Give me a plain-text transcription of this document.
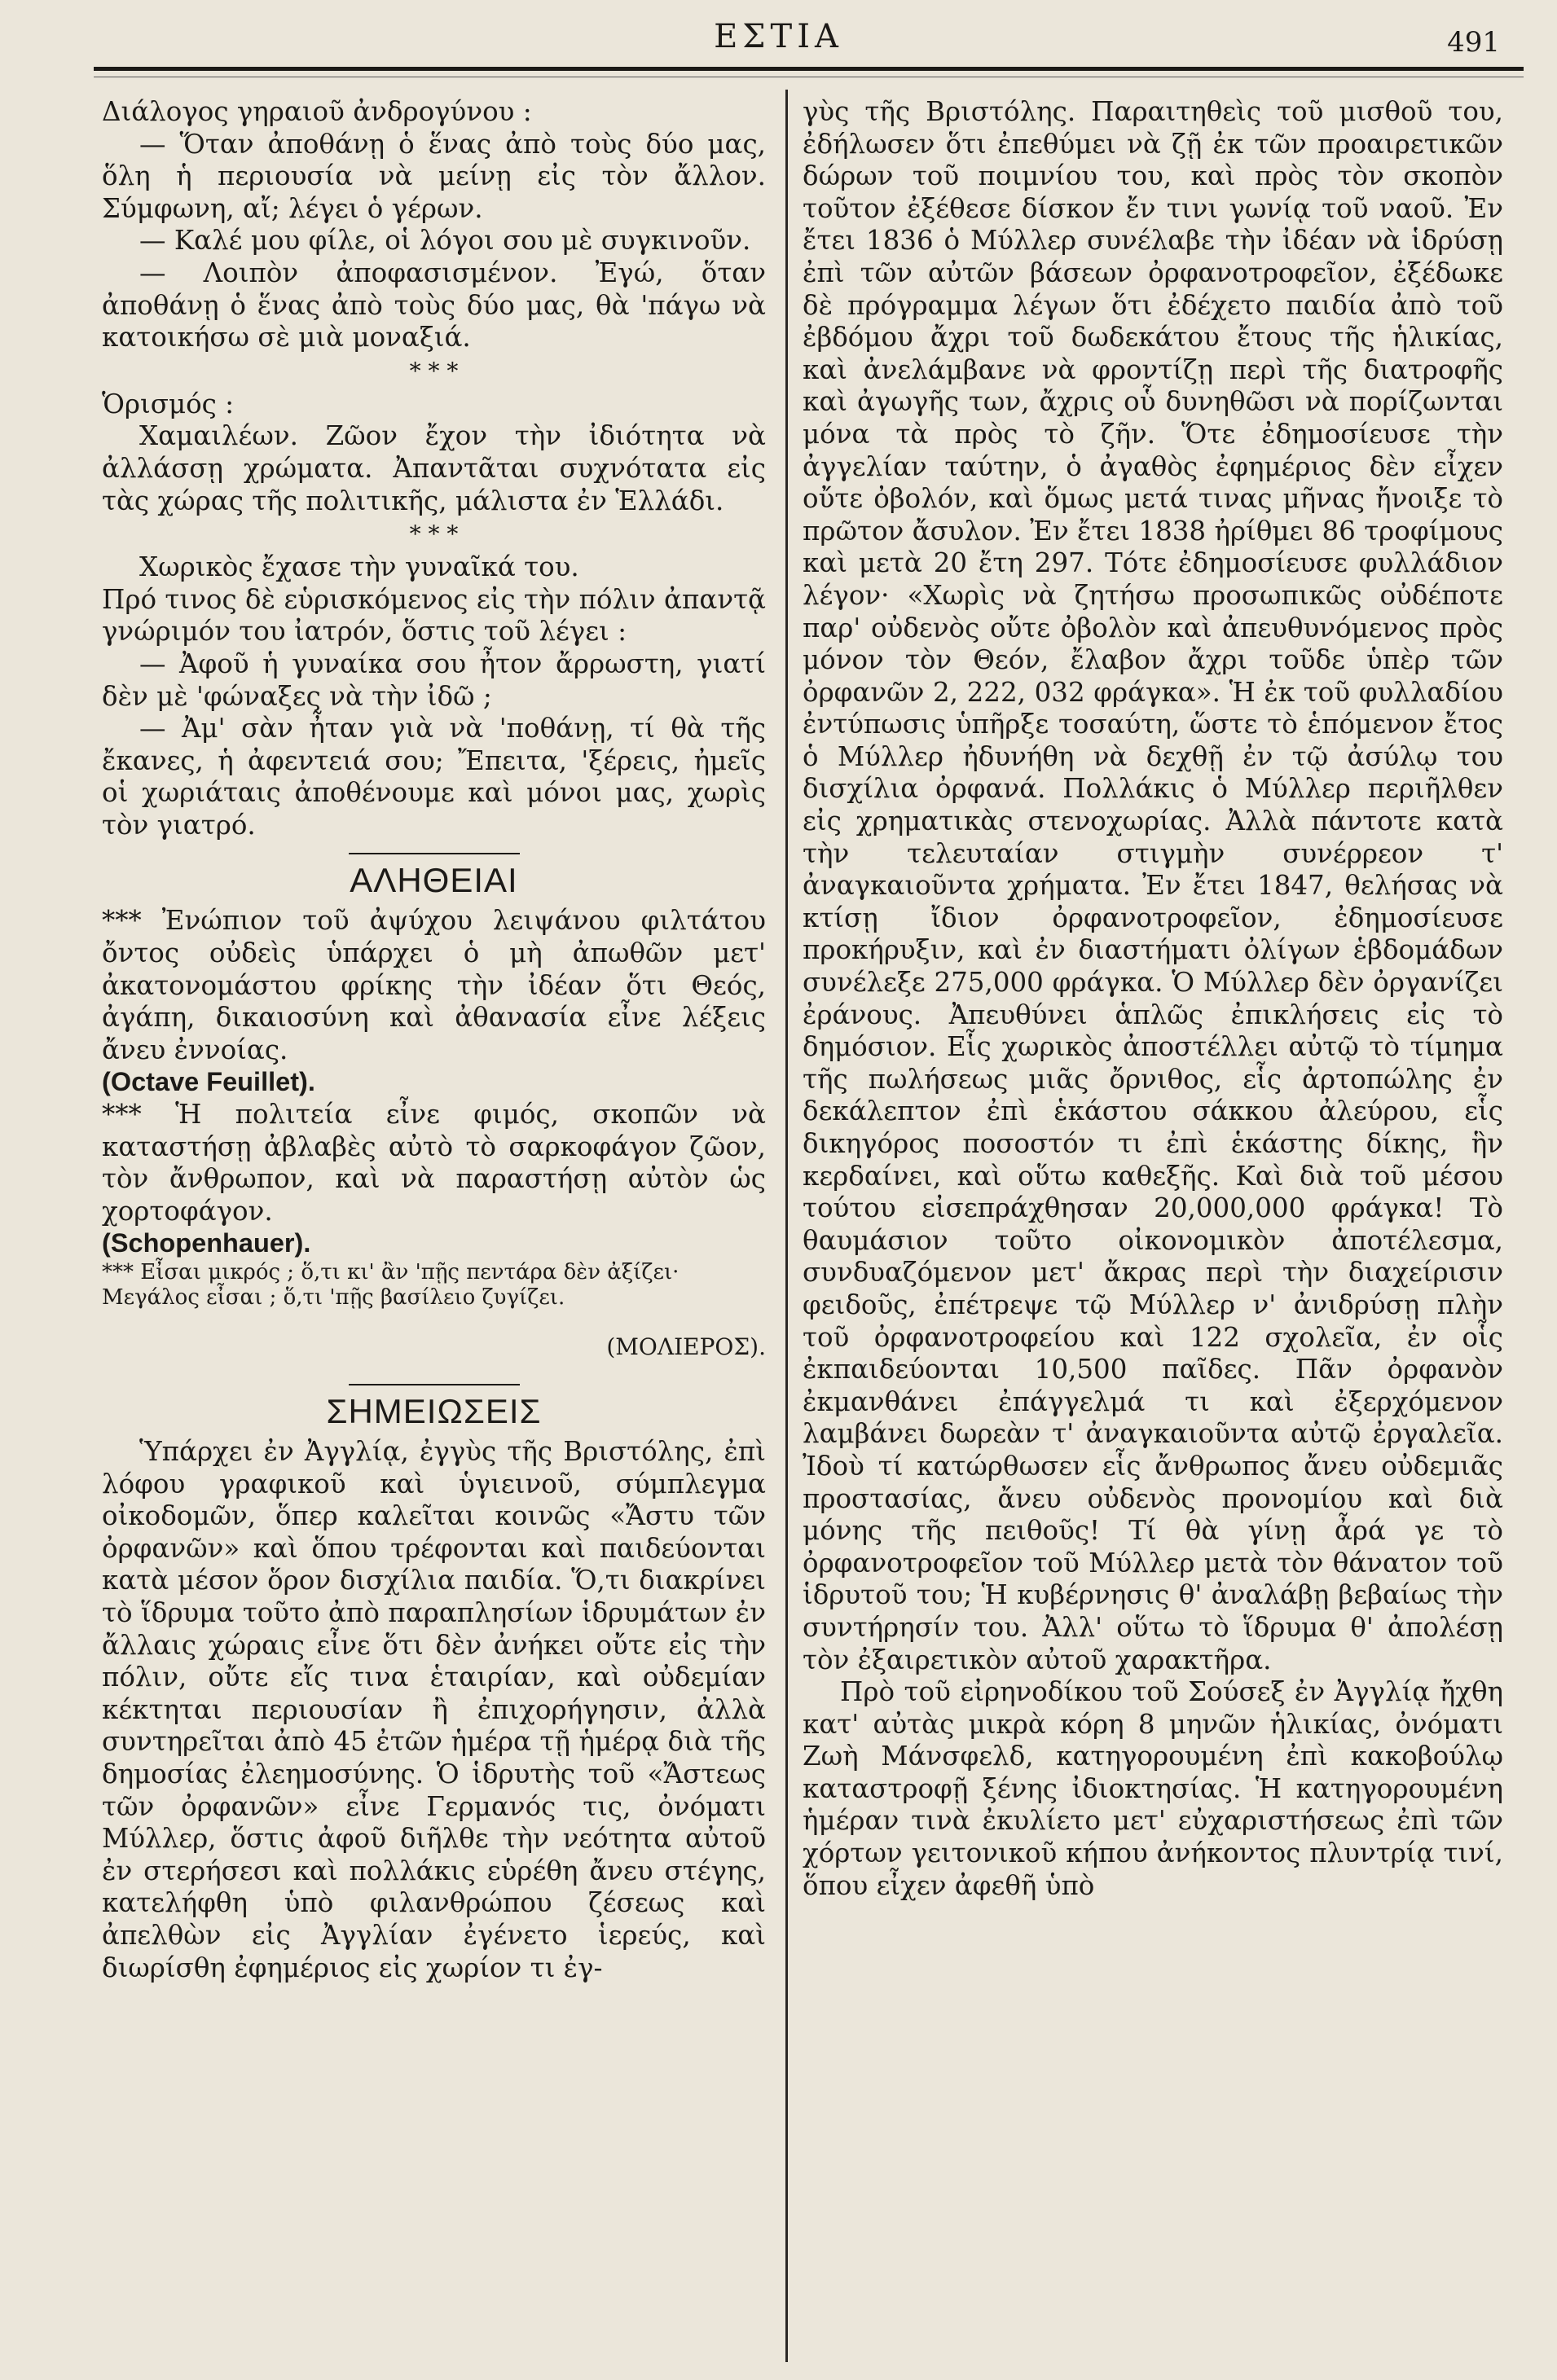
ΕΣΤΙΑ	491

Διάλογος γηραιοῦ ἀνδρογύνου :

— Ὅταν ἀποθάνῃ ὁ ἕνας ἀπὸ τοὺς δύο μας, ὅλη ἡ περιουσία νὰ μείνῃ εἰς τὸν ἄλλον. Σύμφωνη, αἴ; λέγει ὁ γέρων.

— Καλέ μου φίλε, οἱ λόγοι σου μὲ συγκινοῦν.

— Λοιπὸν ἀποφασισμένον. Ἐγώ, ὅταν ἀποθάνῃ ὁ ἕνας ἀπὸ τοὺς δύο μας, θὰ 'πάγω νὰ κατοικήσω σὲ μιὰ μοναξιά.

* * *

Ὁρισμός :

Χαμαιλέων. Ζῶον ἔχον τὴν ἰδιότητα νὰ ἀλλάσσῃ χρώματα. Ἀπαντᾶται συχνότατα εἰς τὰς χώρας τῆς πολιτικῆς, μάλιστα ἐν Ἑλλάδι.

* * *

Χωρικὸς ἔχασε τὴν γυναῖκά του.

Πρό τινος δὲ εὑρισκόμενος εἰς τὴν πόλιν ἀπαντᾷ γνώριμόν του ἰατρόν, ὅστις τοῦ λέγει :

— Ἀφοῦ ἡ γυναίκα σου ἦτον ἄρρωστη, γιατί δὲν μὲ 'φώναξες νὰ τὴν ἰδῶ ;

— Ἀμ' σὰν ἦταν γιὰ νὰ 'ποθάνῃ, τί θὰ τῆς ἔκανες, ἡ ἀφεντειά σου; Ἔπειτα, 'ξέρεις, ἠμεῖς οἱ χωριάταις ἀποθένουμε καὶ μόνοι μας, χωρὶς τὸν γιατρό.

ΑΛΗΘΕΙΑΙ

*** Ἐνώπιον τοῦ ἀψύχου λειψάνου φιλτάτου ὄντος οὐδεὶς ὑπάρχει ὁ μὴ ἀπωθῶν μετ' ἀκατονομάστου φρίκης τὴν ἰδέαν ὅτι Θεός, ἀγάπη, δικαιοσύνη καὶ ἀθανασία εἶνε λέξεις ἄνευ ἐννοίας.

(Octave Feuillet).

*** Ἡ πολιτεία εἶνε φιμός, σκοπῶν νὰ καταστήσῃ ἀβλαβὲς αὐτὸ τὸ σαρκοφάγον ζῶον, τὸν ἄνθρωπον, καὶ νὰ παραστήσῃ αὐτὸν ὡς χορτοφάγον.

(Schopenhauer).

*** Εἶσαι μικρός ; ὅ,τι κι' ἂν 'πῇς πεντάρα δὲν ἀξίζει·

Μεγάλος εἶσαι ; ὅ,τι 'πῇς βασίλειο ζυγίζει.

(ΜΟΛΙΕΡΟΣ).

ΣΗΜΕΙΩΣΕΙΣ

Ὑπάρχει ἐν Ἀγγλίᾳ, ἐγγὺς τῆς Βριστόλης, ἐπὶ λόφου γραφικοῦ καὶ ὑγιεινοῦ, σύμπλεγμα οἰκοδομῶν, ὅπερ καλεῖται κοινῶς «Ἄστυ τῶν ὀρφανῶν» καὶ ὅπου τρέφονται καὶ παιδεύονται κατὰ μέσον ὅρον δισχίλια παιδία. Ὅ,τι διακρίνει τὸ ἵδρυμα τοῦτο ἀπὸ παραπλησίων ἱδρυμάτων ἐν ἄλλαις χώραις εἶνε ὅτι δὲν ἀνήκει οὔτε εἰς τὴν πόλιν, οὔτε εἴς τινα ἑταιρίαν, καὶ οὐδεμίαν κέκτηται περιουσίαν ἢ ἐπιχορήγησιν, ἀλλὰ συντηρεῖται ἀπὸ 45 ἐτῶν ἡμέρα τῇ ἡμέρᾳ διὰ τῆς δημοσίας ἐλεημοσύνης. Ὁ ἱδρυτὴς τοῦ «Ἄστεως τῶν ὀρφανῶν» εἶνε Γερμανός τις, ὀνόματι Μύλλερ, ὅστις ἀφοῦ διῆλθε τὴν νεότητα αὐτοῦ ἐν στερήσεσι καὶ πολλάκις εὑρέθη ἄνευ στέγης, κατελήφθη ὑπὸ φιλανθρώπου ζέσεως καὶ ἀπελθὼν εἰς Ἀγγλίαν ἐγένετο ἱερεύς, καὶ διωρίσθη ἐφημέριος εἰς χωρίον τι ἐγ-

γὺς τῆς Βριστόλης. Παραιτηθεὶς τοῦ μισθοῦ του, ἐδήλωσεν ὅτι ἐπεθύμει νὰ ζῇ ἐκ τῶν προαιρετικῶν δώρων τοῦ ποιμνίου του, καὶ πρὸς τὸν σκοπὸν τοῦτον ἐξέθεσε δίσκον ἔν τινι γωνίᾳ τοῦ ναοῦ. Ἐν ἔτει 1836 ὁ Μύλλερ συνέλαβε τὴν ἰδέαν νὰ ἱδρύσῃ ἐπὶ τῶν αὐτῶν βάσεων ὀρφανοτροφεῖον, ἐξέδωκε δὲ πρόγραμμα λέγων ὅτι ἐδέχετο παιδία ἀπὸ τοῦ ἐβδόμου ἄχρι τοῦ δωδεκάτου ἔτους τῆς ἡλικίας, καὶ ἀνελάμβανε νὰ φροντίζῃ περὶ τῆς διατροφῆς καὶ ἀγωγῆς των, ἄχρις οὗ δυνηθῶσι νὰ πορίζωνται μόνα τὰ πρὸς τὸ ζῆν. Ὅτε ἐδημοσίευσε τὴν ἀγγελίαν ταύτην, ὁ ἀγαθὸς ἐφημέριος δὲν εἶχεν οὔτε ὀβολόν, καὶ ὅμως μετά τινας μῆνας ἤνοιξε τὸ πρῶτον ἄσυλον. Ἐν ἔτει 1838 ἠρίθμει 86 τροφίμους καὶ μετὰ 20 ἔτη 297. Τότε ἐδημοσίευσε φυλλάδιον λέγον· «Χωρὶς νὰ ζητήσω προσωπικῶς οὐδέποτε παρ' οὐδενὸς οὔτε ὀβολὸν καὶ ἀπευθυνόμενος πρὸς μόνον τὸν Θεόν, ἔλαβον ἄχρι τοῦδε ὑπὲρ τῶν ὀρφανῶν 2, 222, 032 φράγκα». Ἡ ἐκ τοῦ φυλλαδίου ἐντύπωσις ὑπῆρξε τοσαύτη, ὥστε τὸ ἑπόμενον ἔτος ὁ Μύλλερ ἠδυνήθη νὰ δεχθῇ ἐν τῷ ἀσύλῳ του δισχίλια ὀρφανά. Πολλάκις ὁ Μύλλερ περιῆλθεν εἰς χρηματικὰς στενοχωρίας. Ἀλλὰ πάντοτε κατὰ τὴν τελευταίαν στιγμὴν συνέρρεον τ' ἀναγκαιοῦντα χρήματα. Ἐν ἔτει 1847, θελήσας νὰ κτίσῃ ἴδιον ὀρφανοτροφεῖον, ἐδημοσίευσε προκήρυξιν, καὶ ἐν διαστήματι ὀλίγων ἑβδομάδων συνέλεξε 275,000 φράγκα. Ὁ Μύλλερ δὲν ὀργανίζει ἐράνους. Ἀπευθύνει ἁπλῶς ἐπικλήσεις εἰς τὸ δημόσιον. Εἷς χωρικὸς ἀποστέλλει αὐτῷ τὸ τίμημα τῆς πωλήσεως μιᾶς ὄρνιθος, εἷς ἀρτοπώλης ἐν δεκάλεπτον ἐπὶ ἑκάστου σάκκου ἀλεύρου, εἷς δικηγόρος ποσοστόν τι ἐπὶ ἑκάστης δίκης, ἣν κερδαίνει, καὶ οὕτω καθεξῆς. Καὶ διὰ τοῦ μέσου τούτου εἰσεπράχθησαν 20,000,000 φράγκα! Τὸ θαυμάσιον τοῦτο οἰκονομικὸν ἀποτέλεσμα, συνδυαζόμενον μετ' ἄκρας περὶ τὴν διαχείρισιν φειδοῦς, ἐπέτρεψε τῷ Μύλλερ ν' ἀνιδρύσῃ πλὴν τοῦ ὀρφανοτροφείου καὶ 122 σχολεῖα, ἐν οἷς ἐκπαιδεύονται 10,500 παῖδες. Πᾶν ὀρφανὸν ἐκμανθάνει ἐπάγγελμά τι καὶ ἐξερχόμενον λαμβάνει δωρεὰν τ' ἀναγκαιοῦντα αὐτῷ ἐργαλεῖα. Ἰδοὺ τί κατώρθωσεν εἷς ἄνθρωπος ἄνευ οὐδεμιᾶς προστασίας, ἄνευ οὐδενὸς προνομίου καὶ διὰ μόνης τῆς πειθοῦς! Τί θὰ γίνῃ ἆρά γε τὸ ὀρφανοτροφεῖον τοῦ Μύλλερ μετὰ τὸν θάνατον τοῦ ἱδρυτοῦ του; Ἡ κυβέρνησις θ' ἀναλάβῃ βεβαίως τὴν συντήρησίν του. Ἀλλ' οὕτω τὸ ἵδρυμα θ' ἀπολέσῃ τὸν ἐξαιρετικὸν αὐτοῦ χαρακτῆρα.

Πρὸ τοῦ εἰρηνοδίκου τοῦ Σούσεξ ἐν Ἀγγλίᾳ ἤχθη κατ' αὐτὰς μικρὰ κόρη 8 μηνῶν ἡλικίας, ὀνόματι Ζωὴ Μάνσφελδ, κατηγορουμένη ἐπὶ κακοβούλῳ καταστροφῇ ξένης ἰδιοκτησίας. Ἡ κατηγορουμένη ἡμέραν τινὰ ἐκυλίετο μετ' εὐχαριστήσεως ἐπὶ τῶν χόρτων γειτονικοῦ κήπου ἀνήκοντος πλυντρίᾳ τινί, ὅπου εἶχεν ἀφεθῆ ὑπὸ
